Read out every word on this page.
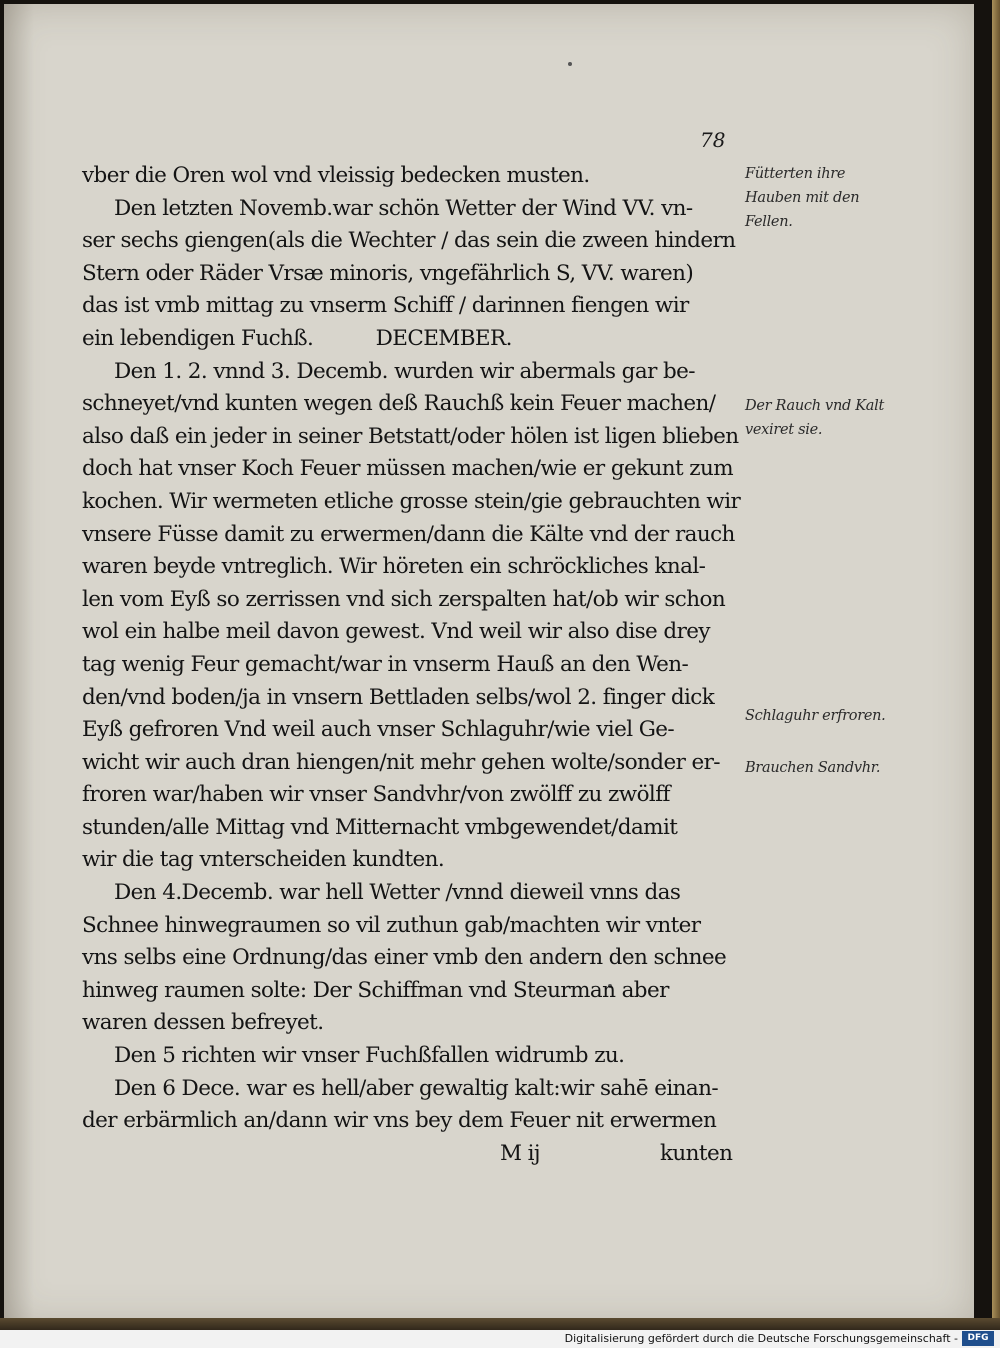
78
vber die Oren wol vnd vleissig bedecken musten.
Den letzten Novemb.war schön Wetter der Wind VV. vn-
ser sechs giengen(als die Wechter / das sein die zween hindern
Stern oder Räder Vrsæ minoris, vngefährlich S, VV. waren)
das ist vmb mittag zu vnserm Schiff / darinnen fiengen wir
ein lebendigen Fuchß.          DECEMBER.
Den 1. 2. vnnd 3. Decemb. wurden wir abermals gar be-
schneyet/vnd kunten wegen deß Rauchß kein Feuer machen/
also daß ein jeder in seiner Betstatt/oder hölen ist ligen blieben
doch hat vnser Koch Feuer müssen machen/wie er gekunt zum
kochen. Wir wermeten etliche grosse stein/gie gebrauchten wir
vnsere Füsse damit zu erwermen/dann die Kälte vnd der rauch
waren beyde vntreglich. Wir höreten ein schröckliches knal-
len vom Eyß so zerrissen vnd sich zerspalten hat/ob wir schon
wol ein halbe meil davon gewest. Vnd weil wir also dise drey
tag wenig Feur gemacht/war in vnserm Hauß an den Wen-
den/vnd boden/ja in vnsern Bettladen selbs/wol 2. finger dick
Eyß gefroren Vnd weil auch vnser Schlaguhr/wie viel Ge-
wicht wir auch dran hiengen/nit mehr gehen wolte/sonder er-
froren war/haben wir vnser Sandvhr/von zwölff zu zwölff
stunden/alle Mittag vnd Mitternacht vmbgewendet/damit
wir die tag vnterscheiden kundten.
Den 4.Decemb. war hell Wetter /vnnd dieweil vnns das
Schnee hinwegraumen so vil zuthun gab/machten wir vnter
vns selbs eine Ordnung/das einer vmb den andern den schnee
hinweg raumen solte: Der Schiffman vnd Steurman aber
waren dessen befreyet.
Den 5 richten wir vnser Fuchßfallen widrumb zu.
Den 6 Dece. war es hell/aber gewaltig kalt:wir sahē einan-
der erbärmlich an/dann wir vns bey dem Feuer nit erwermen
M ij	kunten
Fütterten ihre Hauben mit den Fellen.
Der Rauch vnd Kalt vexiret sie.
Schlaguhr erfroren.
Brauchen Sandvhr.
Digitalisierung gefördert durch die Deutsche Forschungsgemeinschaft -	DFG
